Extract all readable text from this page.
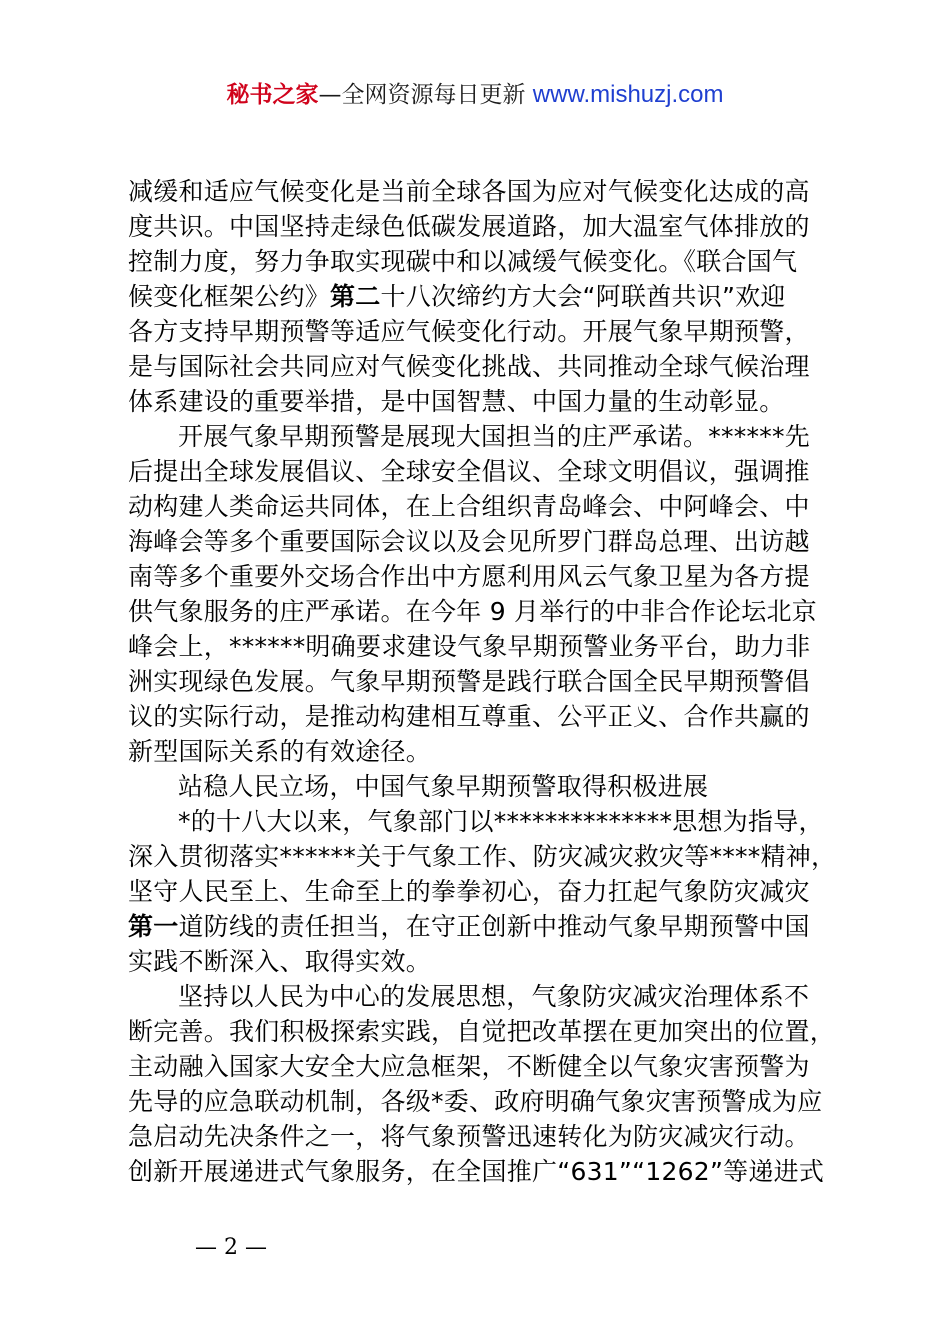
秘书之家—全网资源每日更新 www.mishuzj.com
减缓和适应气候变化是当前全球各国为应对气候变化达成的高
度共识。中国坚持走绿色低碳发展道路，加大温室气体排放的
控制力度，努力争取实现碳中和以减缓气候变化。《联合国气
候变化框架公约》第二十八次缔约方大会“阿联酋共识”欢迎
各方支持早期预警等适应气候变化行动。开展气象早期预警，
是与国际社会共同应对气候变化挑战、共同推动全球气候治理
体系建设的重要举措，是中国智慧、中国力量的生动彰显。
开展气象早期预警是展现大国担当的庄严承诺。******先
后提出全球发展倡议、全球安全倡议、全球文明倡议，强调推
动构建人类命运共同体，在上合组织青岛峰会、中阿峰会、中
海峰会等多个重要国际会议以及会见所罗门群岛总理、出访越
南等多个重要外交场合作出中方愿利用风云气象卫星为各方提
供气象服务的庄严承诺。在今年 9 月举行的中非合作论坛北京
峰会上，******明确要求建设气象早期预警业务平台，助力非
洲实现绿色发展。气象早期预警是践行联合国全民早期预警倡
议的实际行动，是推动构建相互尊重、公平正义、合作共赢的
新型国际关系的有效途径。
站稳人民立场，中国气象早期预警取得积极进展
*的十八大以来，气象部门以**************思想为指导，
深入贯彻落实******关于气象工作、防灾减灾救灾等****精神，
坚守人民至上、生命至上的拳拳初心，奋力扛起气象防灾减灾
第一道防线的责任担当，在守正创新中推动气象早期预警中国
实践不断深入、取得实效。
坚持以人民为中心的发展思想，气象防灾减灾治理体系不
断完善。我们积极探索实践，自觉把改革摆在更加突出的位置，
主动融入国家大安全大应急框架，不断健全以气象灾害预警为
先导的应急联动机制，各级*委、政府明确气象灾害预警成为应
急启动先决条件之一，将气象预警迅速转化为防灾减灾行动。
创新开展递进式气象服务，在全国推广“631”“1262”等递进式
— 2 —
